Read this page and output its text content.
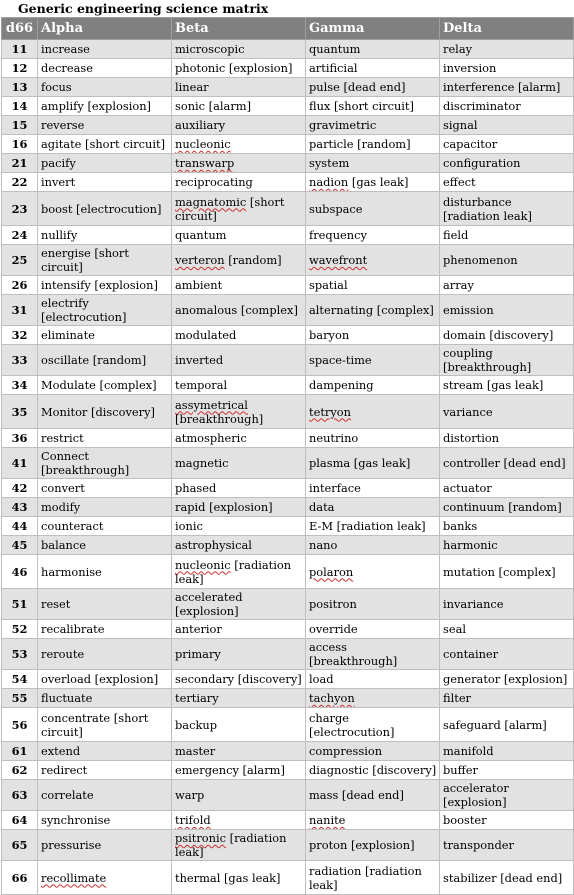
Generic engineering science matrix
d66	Alpha	Beta	Gamma	Delta
11	increase	microscopic	quantum	relay
12	decrease	photonic [explosion]	artificial	inversion
13	focus	linear	pulse [dead end]	interference [alarm]
14	amplify [explosion]	sonic [alarm]	flux [short circuit]	discriminator
15	reverse	auxiliary	gravimetric	signal
16	agitate [short circuit]	nucleonic	particle [random]	capacitor
21	pacify	transwarp	system	configuration
22	invert	reciprocating	nadion [gas leak]	effect
23	boost [electrocution]	magnatomic [short circuit]	subspace	disturbance [radiation leak]
24	nullify	quantum	frequency	field
25	energise [short circuit]	verteron [random]	wavefront	phenomenon
26	intensify [explosion]	ambient	spatial	array
31	electrify [electrocution]	anomalous [complex]	alternating [complex]	emission
32	eliminate	modulated	baryon	domain [discovery]
33	oscillate [random]	inverted	space-time	coupling [breakthrough]
34	Modulate [complex]	temporal	dampening	stream [gas leak]
35	Monitor [discovery]	assymetrical [breakthrough]	tetryon	variance
36	restrict	atmospheric	neutrino	distortion
41	Connect [breakthrough]	magnetic	plasma [gas leak]	controller [dead end]
42	convert	phased	interface	actuator
43	modify	rapid [explosion]	data	continuum [random]
44	counteract	ionic	E-M [radiation leak]	banks
45	balance	astrophysical	nano	harmonic
46	harmonise	nucleonic [radiation leak]	polaron	mutation [complex]
51	reset	accelerated [explosion]	positron	invariance
52	recalibrate	anterior	override	seal
53	reroute	primary	access [breakthrough]	container
54	overload [explosion]	secondary [discovery]	load	generator [explosion]
55	fluctuate	tertiary	tachyon	filter
56	concentrate [short circuit]	backup	charge [electrocution]	safeguard [alarm]
61	extend	master	compression	manifold
62	redirect	emergency [alarm]	diagnostic [discovery]	buffer
63	correlate	warp	mass [dead end]	accelerator [explosion]
64	synchronise	trifold	nanite	booster
65	pressurise	psitronic [radiation leak]	proton [explosion]	transponder
66	recollimate	thermal [gas leak]	radiation [radiation leak]	stabilizer [dead end]
